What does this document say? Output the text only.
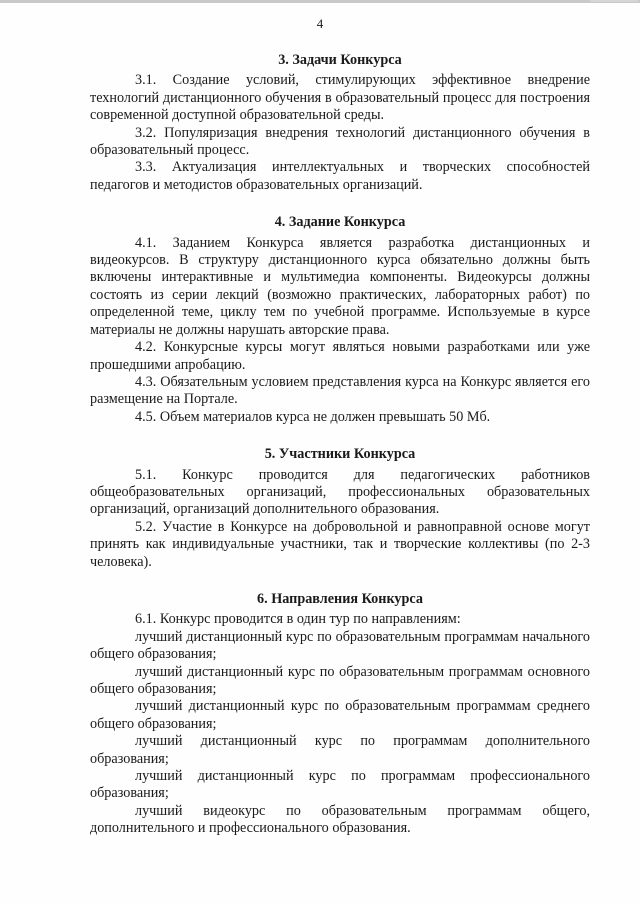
4

3. Задачи Конкурса

3.1. Создание условий, стимулирующих эффективное внедрение технологий дистанционного обучения в образовательный процесс для построения современной доступной образовательной среды.

3.2. Популяризация внедрения технологий дистанционного обучения в образовательный процесс.

3.3. Актуализация интеллектуальных и творческих способностей педагогов и методистов образовательных организаций.

4. Задание Конкурса

4.1. Заданием Конкурса является разработка дистанционных и видеокурсов. В структуру дистанционного курса обязательно должны быть включены интерактивные и мультимедиа компоненты. Видеокурсы должны состоять из серии лекций (возможно практических, лабораторных работ) по определенной теме, циклу тем по учебной программе. Используемые в курсе материалы не должны нарушать авторские права.

4.2. Конкурсные курсы могут являться новыми разработками или уже прошедшими апробацию.

4.3. Обязательным условием представления курса на Конкурс является его размещение на Портале.

4.5. Объем материалов курса не должен превышать 50 Мб.

5. Участники Конкурса

5.1. Конкурс проводится для педагогических работников общеобразовательных организаций, профессиональных образовательных организаций, организаций дополнительного образования.

5.2. Участие в Конкурсе на добровольной и равноправной основе могут принять как индивидуальные участники, так и творческие коллективы (по 2-3 человека).

6. Направления Конкурса

6.1. Конкурс проводится в один тур по направлениям:

лучший дистанционный курс по образовательным программам начального общего образования;

лучший дистанционный курс по образовательным программам основного общего образования;

лучший дистанционный курс по образовательным программам среднего общего образования;

лучший дистанционный курс по программам дополнительного образования;

лучший дистанционный курс по программам профессионального образования;

лучший видеокурс по образовательным программам общего, дополнительного и профессионального образования.
